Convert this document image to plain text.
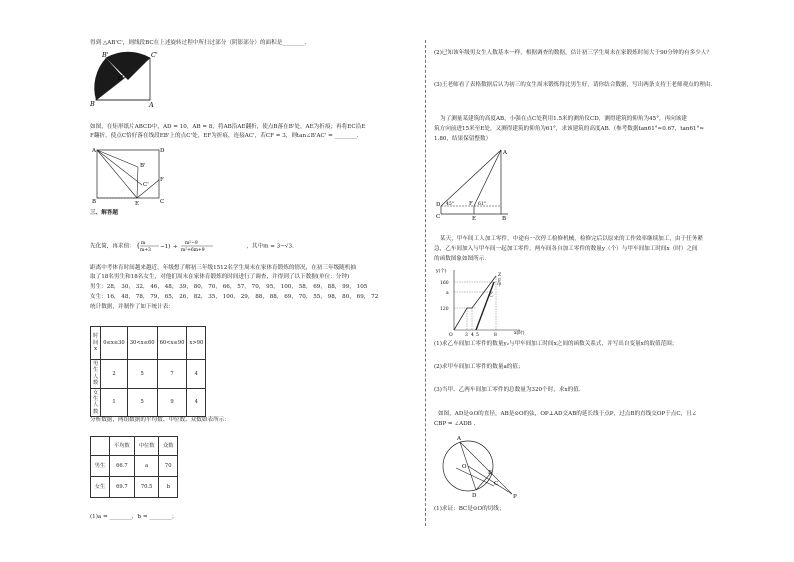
得到 △AB'C'，则线段BC在上述旋转过程中所扫过部分（阴影部分）的面积是________.
B'	C'
C
B	A
如图，在矩形纸片ABCD中，AD = 10，AB = 8，将AB沿AE翻折，使点B落在B'处，AE为折痕；再将EC沿E
F翻折，使点C恰好落在线段EB'上的点C'处，EF为折痕，连接AC'，若CF = 3，则tan∠B'AC' = ________.
A	D
B	C
E
F
B'
C'
三、解答题
先化简，再求值： ( m
m+3
−1) ÷
m²−9
m²+6m+9
，其中m = 3−√3.
距离中考体育时间越来越近，年级想了解初三年级1512名学生周末在家体育锻炼的情况，在初三年级随机抽
取了18名男生和18名女生，对他们周末在家体育锻炼的时间进行了调查，并得到了以下数据(单位：分钟)
男生：28， 30， 32， 46， 48， 39， 80， 70， 66， 57， 70， 95， 100， 58， 69， 88， 99， 105
女生：16， 48， 78， 79， 65， 26， 82， 35， 100， 29， 88， 88， 69， 70， 55， 98， 80， 69， 72
统计数据，并制作了如下统计表：
时间x	0≤x≤30	30<x≤60	60<x≤90	x>90
男生人数	2	5	7	4
女生人数	1	5	9	4
分析数据，两组数据的平均数、中位数、众数如表所示：
	平均数	中位数	众数
男生	66.7	a	70
女生	69.7	70.5	b
(1)a = ________，b = ________；
(2)已知该年级男女生人数基本一样，根据调查的数据，估计初三学生周末在家锻炼时间大于90分钟的有多少人？
(3)王老师看了表格数据后认为初三的女生周末锻炼得比男生好，请你结合数据，写出两条支持王老师观点的理由.
为了测量某建筑的高度AB，小强在点C处利用1.5米的测角仪CD，测得建筑的仰角为45°，再向该建
筑方向前进15米至E处，又测得建筑的仰角为61°，求该建筑的高度AB.（参考数据tan61°≈0.67，tan61°≈
1.80，结果保留整数）
A
D
C	E	B
F
45°	61°
某天，甲车间工人加工零件，中途有一次停工检修机械，检修完后以原来的工作效率继续加工，由于任务紧
急，乙车间加入与甲车间一起加工零件，两车间各自加工零件的数量y（个）与甲车间加工时间x（时）之间
的函数图象如图所示.
y(个)
x(时)
160
a
120
O	3 4 5	8
甲
乙
Z
F
(1)求乙车间加工零件的数量y₂与甲车间加工时间x之间的函数关系式，并写出自变量x的取值范围；
(2)求甲车间加工零件的数量a的值；
(3)当甲、乙两车间加工零件的总数量为320个时，求x的值.
如图，AD是⊙O的直径，AB是⊙O的弦，OP⊥AD交AB的延长线于点P，过点B的直线交OP于点C，且∠
CBP = ∠ADB .
A
D
O
B
C
P
(1)求证：BC是⊙O的切线；
